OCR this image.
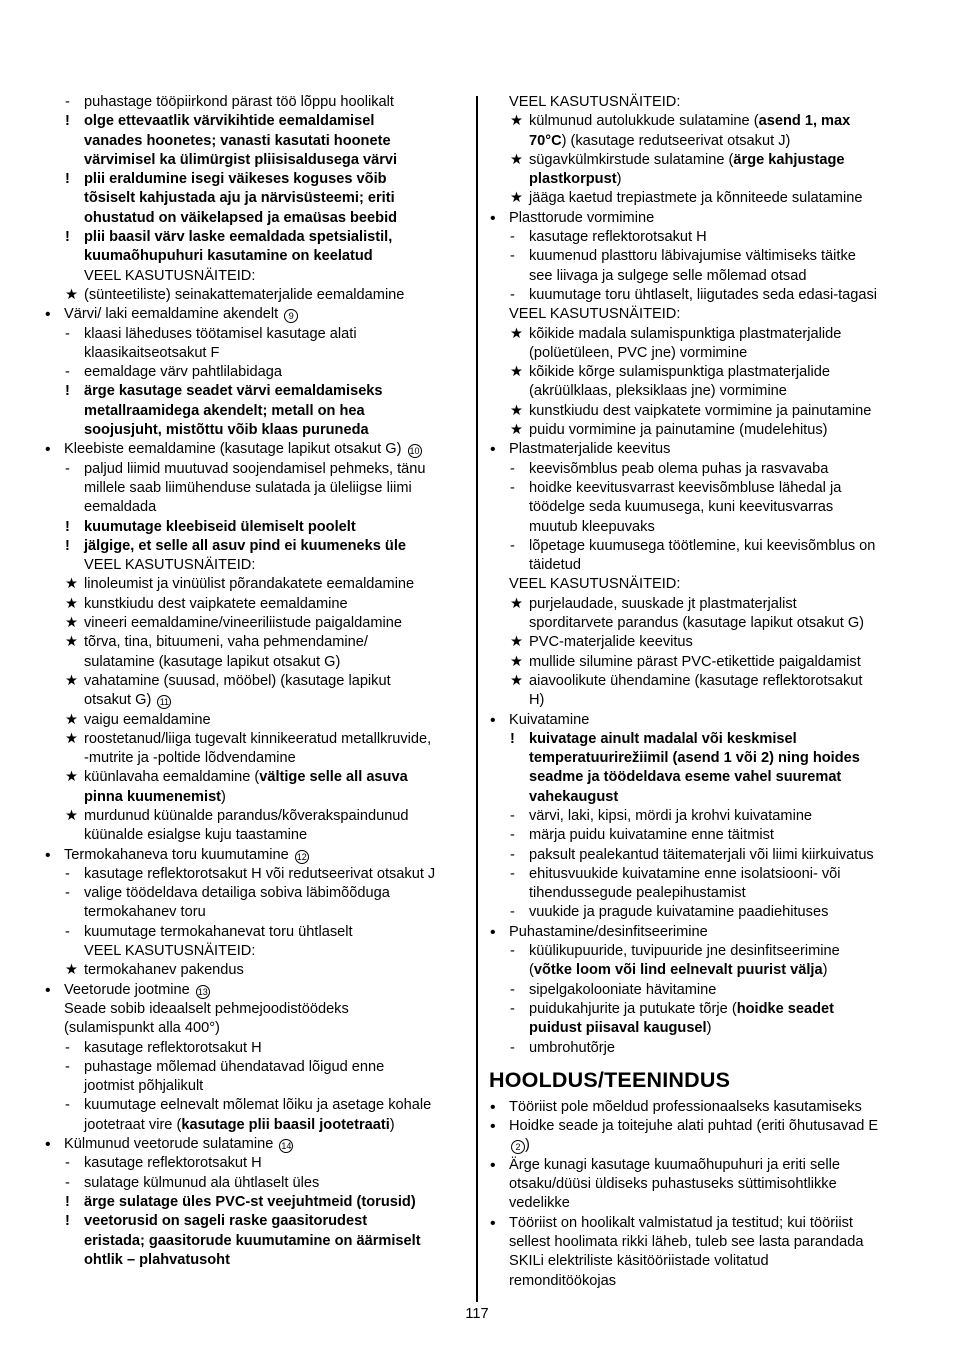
- puhastage tööpiirkond pärast töö lõppu hoolikalt
! olge ettevaatlik värvikihtide eemaldamisel
vanades hoonetes; vanasti kasutati hoonete
värvimisel ka ülimürgist pliisisaldusega värvi
! plii eraldumine isegi väikeses koguses võib
tõsiselt kahjustada aju ja närvisüsteemi; eriti
ohustatud on väikelapsed ja emaüsas beebid
! plii baasil värv laske eemaldada spetsialistil,
kuumaõhupuhuri kasutamine on keelatud
VEEL KASUTUSNÄITEID:
★ (sünteetiliste) seinakattematerjalide eemaldamine
• Värvi/ laki eemaldamine akendelt 9
- klaasi läheduses töötamisel kasutage alati
klaasikaitseotsakut F
- eemaldage värv pahtlilabidaga
! ärge kasutage seadet värvi eemaldamiseks
metallraamidega akendelt; metall on hea
soojusjuht, mistõttu võib klaas puruneda
• Kleebiste eemaldamine (kasutage lapikut otsakut G) 10
- paljud liimid muutuvad soojendamisel pehmeks, tänu
millele saab liimühenduse sulatada ja üleliigse liimi
eemaldada
! kuumutage kleebiseid ülemiselt poolelt
! jälgige, et selle all asuv pind ei kuumeneks üle
VEEL KASUTUSNÄITEID:
★ linoleumist ja vinüülist põrandakatete eemaldamine
★ kunstkiudu dest vaipkatete eemaldamine
★ vineeri eemaldamine/vineeriliistude paigaldamine
★ tõrva, tina, bituumeni, vaha pehmendamine/
sulatamine (kasutage lapikut otsakut G)
★ vahatamine (suusad, mööbel) (kasutage lapikut
otsakut G) 11
★ vaigu eemaldamine
★ roostetanud/liiga tugevalt kinnikeeratud metallkruvide,
-mutrite ja -poltide lõdvendamine
★ küünlavaha eemaldamine (vältige selle all asuva
pinna kuumenemist)
★ murdunud küünalde parandus/kõverakspaindunud
küünalde esialgse kuju taastamine
• Termokahaneva toru kuumutamine 12
- kasutage reflektorotsakut H või redutseerivat otsakut J
- valige töödeldava detailiga sobiva läbimõõduga
termokahanev toru
- kuumutage termokahanevat toru ühtlaselt
VEEL KASUTUSNÄITEID:
★ termokahanev pakendus
• Veetorude jootmine 13
Seade sobib ideaalselt pehmejoodistöödeks
(sulamispunkt alla 400°)
- kasutage reflektorotsakut H
- puhastage mõlemad ühendatavad lõigud enne
jootmist põhjalikult
- kuumutage eelnevalt mõlemat lõiku ja asetage kohale
jootetraat vire (kasutage plii baasil jootetraati)
• Külmunud veetorude sulatamine 14
- kasutage reflektorotsakut H
- sulatage külmunud ala ühtlaselt üles
! ärge sulatage üles PVC-st veejuhtmeid (torusid)
! veetorusid on sageli raske gaasitorudest
eristada; gaasitorude kuumutamine on äärmiselt
ohtlik – plahvatusoht
VEEL KASUTUSNÄITEID:
★ külmunud autolukkude sulatamine (asend 1, max
70°C) (kasutage redutseerivat otsakut J)
★ sügavkülmkirstude sulatamine (ärge kahjustage
plastkorpust)
★ jääga kaetud trepiastmete ja kõnniteede sulatamine
• Plasttorude vormimine
- kasutage reflektorotsakut H
- kuumenud plasttoru läbivajumise vältimiseks täitke
see liivaga ja sulgege selle mõlemad otsad
- kuumutage toru ühtlaselt, liigutades seda edasi-tagasi
VEEL KASUTUSNÄITEID:
★ kõikide madala sulamispunktiga plastmaterjalide
(polüetüleen, PVC jne) vormimine
★ kõikide kõrge sulamispunktiga plastmaterjalide
(akrüülklaas, pleksiklaas jne) vormimine
★ kunstkiudu dest vaipkatete vormimine ja painutamine
★ puidu vormimine ja painutamine (mudelehitus)
• Plastmaterjalide keevitus
- keevisõmblus peab olema puhas ja rasvavaba
- hoidke keevitusvarrast keevisõmbluse lähedal ja
töödelge seda kuumusega, kuni keevitusvarras
muutub kleepuvaks
- lõpetage kuumusega töötlemine, kui keevisõmblus on
täidetud
VEEL KASUTUSNÄITEID:
★ purjelaudade, suuskade jt plastmaterjalist
sporditarvete parandus (kasutage lapikut otsakut G)
★ PVC-materjalide keevitus
★ mullide silumine pärast PVC-etikettide paigaldamist
★ aiavoolikute ühendamine (kasutage reflektorotsakut
H)
• Kuivatamine
! kuivatage ainult madalal või keskmisel
temperatuurirežiimil (asend 1 või 2) ning hoides
seadme ja töödeldava eseme vahel suuremat
vahekaugust
- värvi, laki, kipsi, mördi ja krohvi kuivatamine
- märja puidu kuivatamine enne täitmist
- paksult pealekantud täitematerjali või liimi kiirkuivatus
- ehitusvuukide kuivatamine enne isolatsiooni- või
tihendussegude pealepihustamist
- vuukide ja pragude kuivatamine paadiehituses
• Puhastamine/desinfitseerimine
- küülikupuuride, tuvipuuride jne desinfitseerimine
(võtke loom või lind eelnevalt puurist välja)
- sipelgakolooniate hävitamine
- puidukahjurite ja putukate tõrje (hoidke seadet
puidust piisaval kaugusel)
- umbrohutõrje
HOOLDUS/TEENINDUS
• Tööriist pole mõeldud professionaalseks kasutamiseks
• Hoidke seade ja toitejuhe alati puhtad (eriti õhutusavad E
2 )
• Ärge kunagi kasutage kuumaõhupuhuri ja eriti selle
otsaku/düüsi üldiseks puhastuseks süttimisohtlikke
vedelikke
• Tööriist on hoolikalt valmistatud ja testitud; kui tööriist
sellest hoolimata rikki läheb, tuleb see lasta parandada
SKILi elektriliste käsitööriistade volitatud
remonditöökojas
117
